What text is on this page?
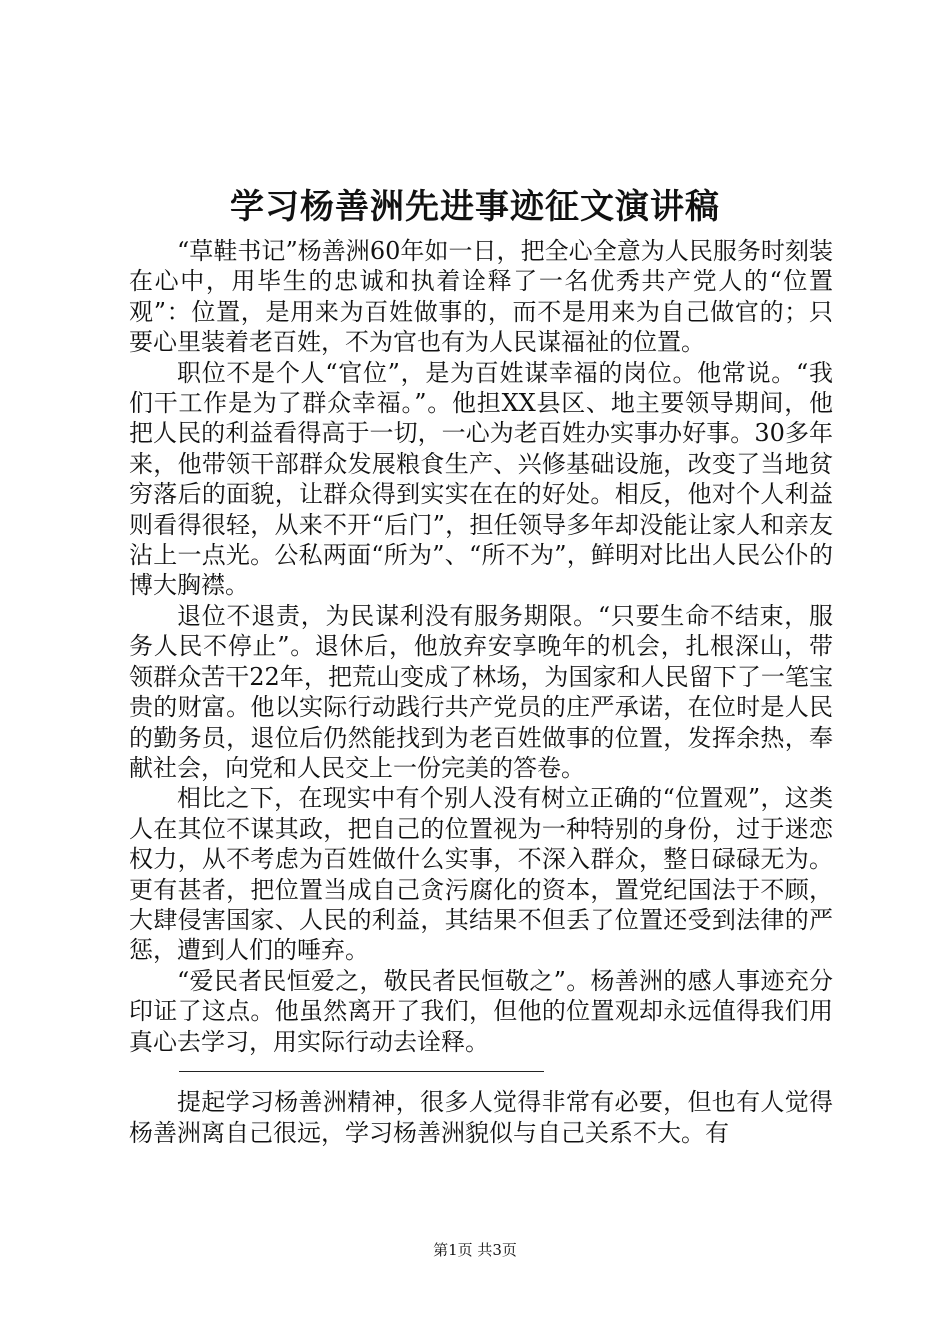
学习杨善洲先进事迹征文演讲稿

“草鞋书记”杨善洲60年如一日，把全心全意为人民服务时刻装在心中，用毕生的忠诚和执着诠释了一名优秀共产党人的“位置观”：位置，是用来为百姓做事的，而不是用来为自己做官的；只要心里装着老百姓，不为官也有为人民谋福祉的位置。

职位不是个人“官位”，是为百姓谋幸福的岗位。他常说。“我们干工作是为了群众幸福。”。他担XX县区、地主要领导期间，他把人民的利益看得高于一切，一心为老百姓办实事办好事。30多年来，他带领干部群众发展粮食生产、兴修基础设施，改变了当地贫穷落后的面貌，让群众得到实实在在的好处。相反，他对个人利益则看得很轻，从来不开“后门”，担任领导多年却没能让家人和亲友沾上一点光。公私两面“所为”、“所不为”，鲜明对比出人民公仆的博大胸襟。

退位不退责，为民谋利没有服务期限。“只要生命不结束，服务人民不停止”。退休后，他放弃安享晚年的机会，扎根深山，带领群众苦干22年，把荒山变成了林场，为国家和人民留下了一笔宝贵的财富。他以实际行动践行共产党员的庄严承诺，在位时是人民的勤务员，退位后仍然能找到为老百姓做事的位置，发挥余热，奉献社会，向党和人民交上一份完美的答卷。

相比之下，在现实中有个别人没有树立正确的“位置观”，这类人在其位不谋其政，把自己的位置视为一种特别的身份，过于迷恋权力，从不考虑为百姓做什么实事，不深入群众，整日碌碌无为。更有甚者，把位置当成自己贪污腐化的资本，置党纪国法于不顾，大肆侵害国家、人民的利益，其结果不但丢了位置还受到法律的严惩，遭到人们的唾弃。

“爱民者民恒爱之，敬民者民恒敬之”。杨善洲的感人事迹充分印证了这点。他虽然离开了我们，但他的位置观却永远值得我们用真心去学习，用实际行动去诠释。

提起学习杨善洲精神，很多人觉得非常有必要，但也有人觉得杨善洲离自己很远，学习杨善洲貌似与自己关系不大。有

第1页 共3页
